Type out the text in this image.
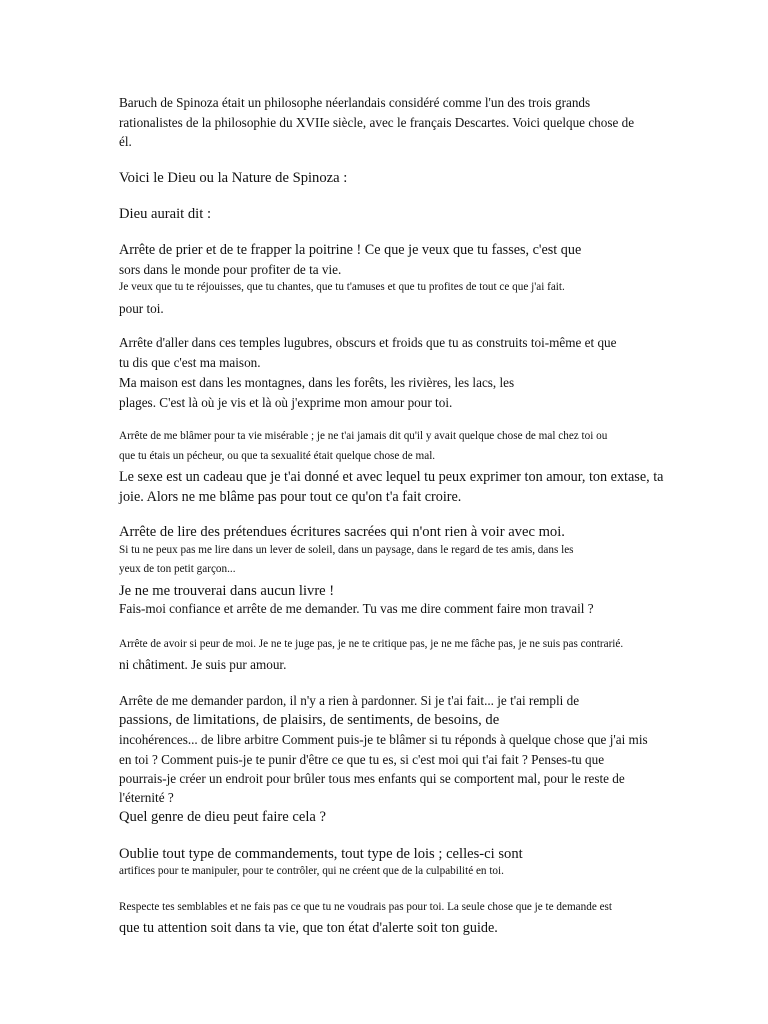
Baruch de Spinoza était un philosophe néerlandais considéré comme l'un des trois grands
rationalistes de la philosophie du XVIIe siècle, avec le français Descartes. Voici quelque chose de
él.
Voici le Dieu ou la Nature de Spinoza :
Dieu aurait dit :
Arrête de prier et de te frapper la poitrine ! Ce que je veux que tu fasses, c'est que
sors dans le monde pour profiter de ta vie.
Je veux que tu te réjouisses, que tu chantes, que tu t'amuses et que tu profites de tout ce que j'ai fait.
pour toi.
Arrête d'aller dans ces temples lugubres, obscurs et froids que tu as construits toi-même et que
tu dis que c'est ma maison.
Ma maison est dans les montagnes, dans les forêts, les rivières, les lacs, les
plages. C'est là où je vis et là où j'exprime mon amour pour toi.
Arrête de me blâmer pour ta vie misérable ; je ne t'ai jamais dit qu'il y avait quelque chose de mal chez toi ou
que tu étais un pécheur, ou que ta sexualité était quelque chose de mal.
Le sexe est un cadeau que je t'ai donné et avec lequel tu peux exprimer ton amour, ton extase, ta
joie. Alors ne me blâme pas pour tout ce qu'on t'a fait croire.
Arrête de lire des prétendues écritures sacrées qui n'ont rien à voir avec moi.
Si tu ne peux pas me lire dans un lever de soleil, dans un paysage, dans le regard de tes amis, dans les
yeux de ton petit garçon...
Je ne me trouverai dans aucun livre !
Fais-moi confiance et arrête de me demander. Tu vas me dire comment faire mon travail ?
Arrête de avoir si peur de moi. Je ne te juge pas, je ne te critique pas, je ne me fâche pas, je ne suis pas contrarié.
ni châtiment. Je suis pur amour.
Arrête de me demander pardon, il n'y a rien à pardonner. Si je t'ai fait... je t'ai rempli de
passions, de limitations, de plaisirs, de sentiments, de besoins, de
incohérences... de libre arbitre Comment puis-je te blâmer si tu réponds à quelque chose que j'ai mis
en toi ? Comment puis-je te punir d'être ce que tu es, si c'est moi qui t'ai fait ? Penses-tu que
pourrais-je créer un endroit pour brûler tous mes enfants qui se comportent mal, pour le reste de
l'éternité ?
Quel genre de dieu peut faire cela ?
Oublie tout type de commandements, tout type de lois ; celles-ci sont
artifices pour te manipuler, pour te contrôler, qui ne créent que de la culpabilité en toi.
Respecte tes semblables et ne fais pas ce que tu ne voudrais pas pour toi. La seule chose que je te demande est
que tu attention soit dans ta vie, que ton état d'alerte soit ton guide.
